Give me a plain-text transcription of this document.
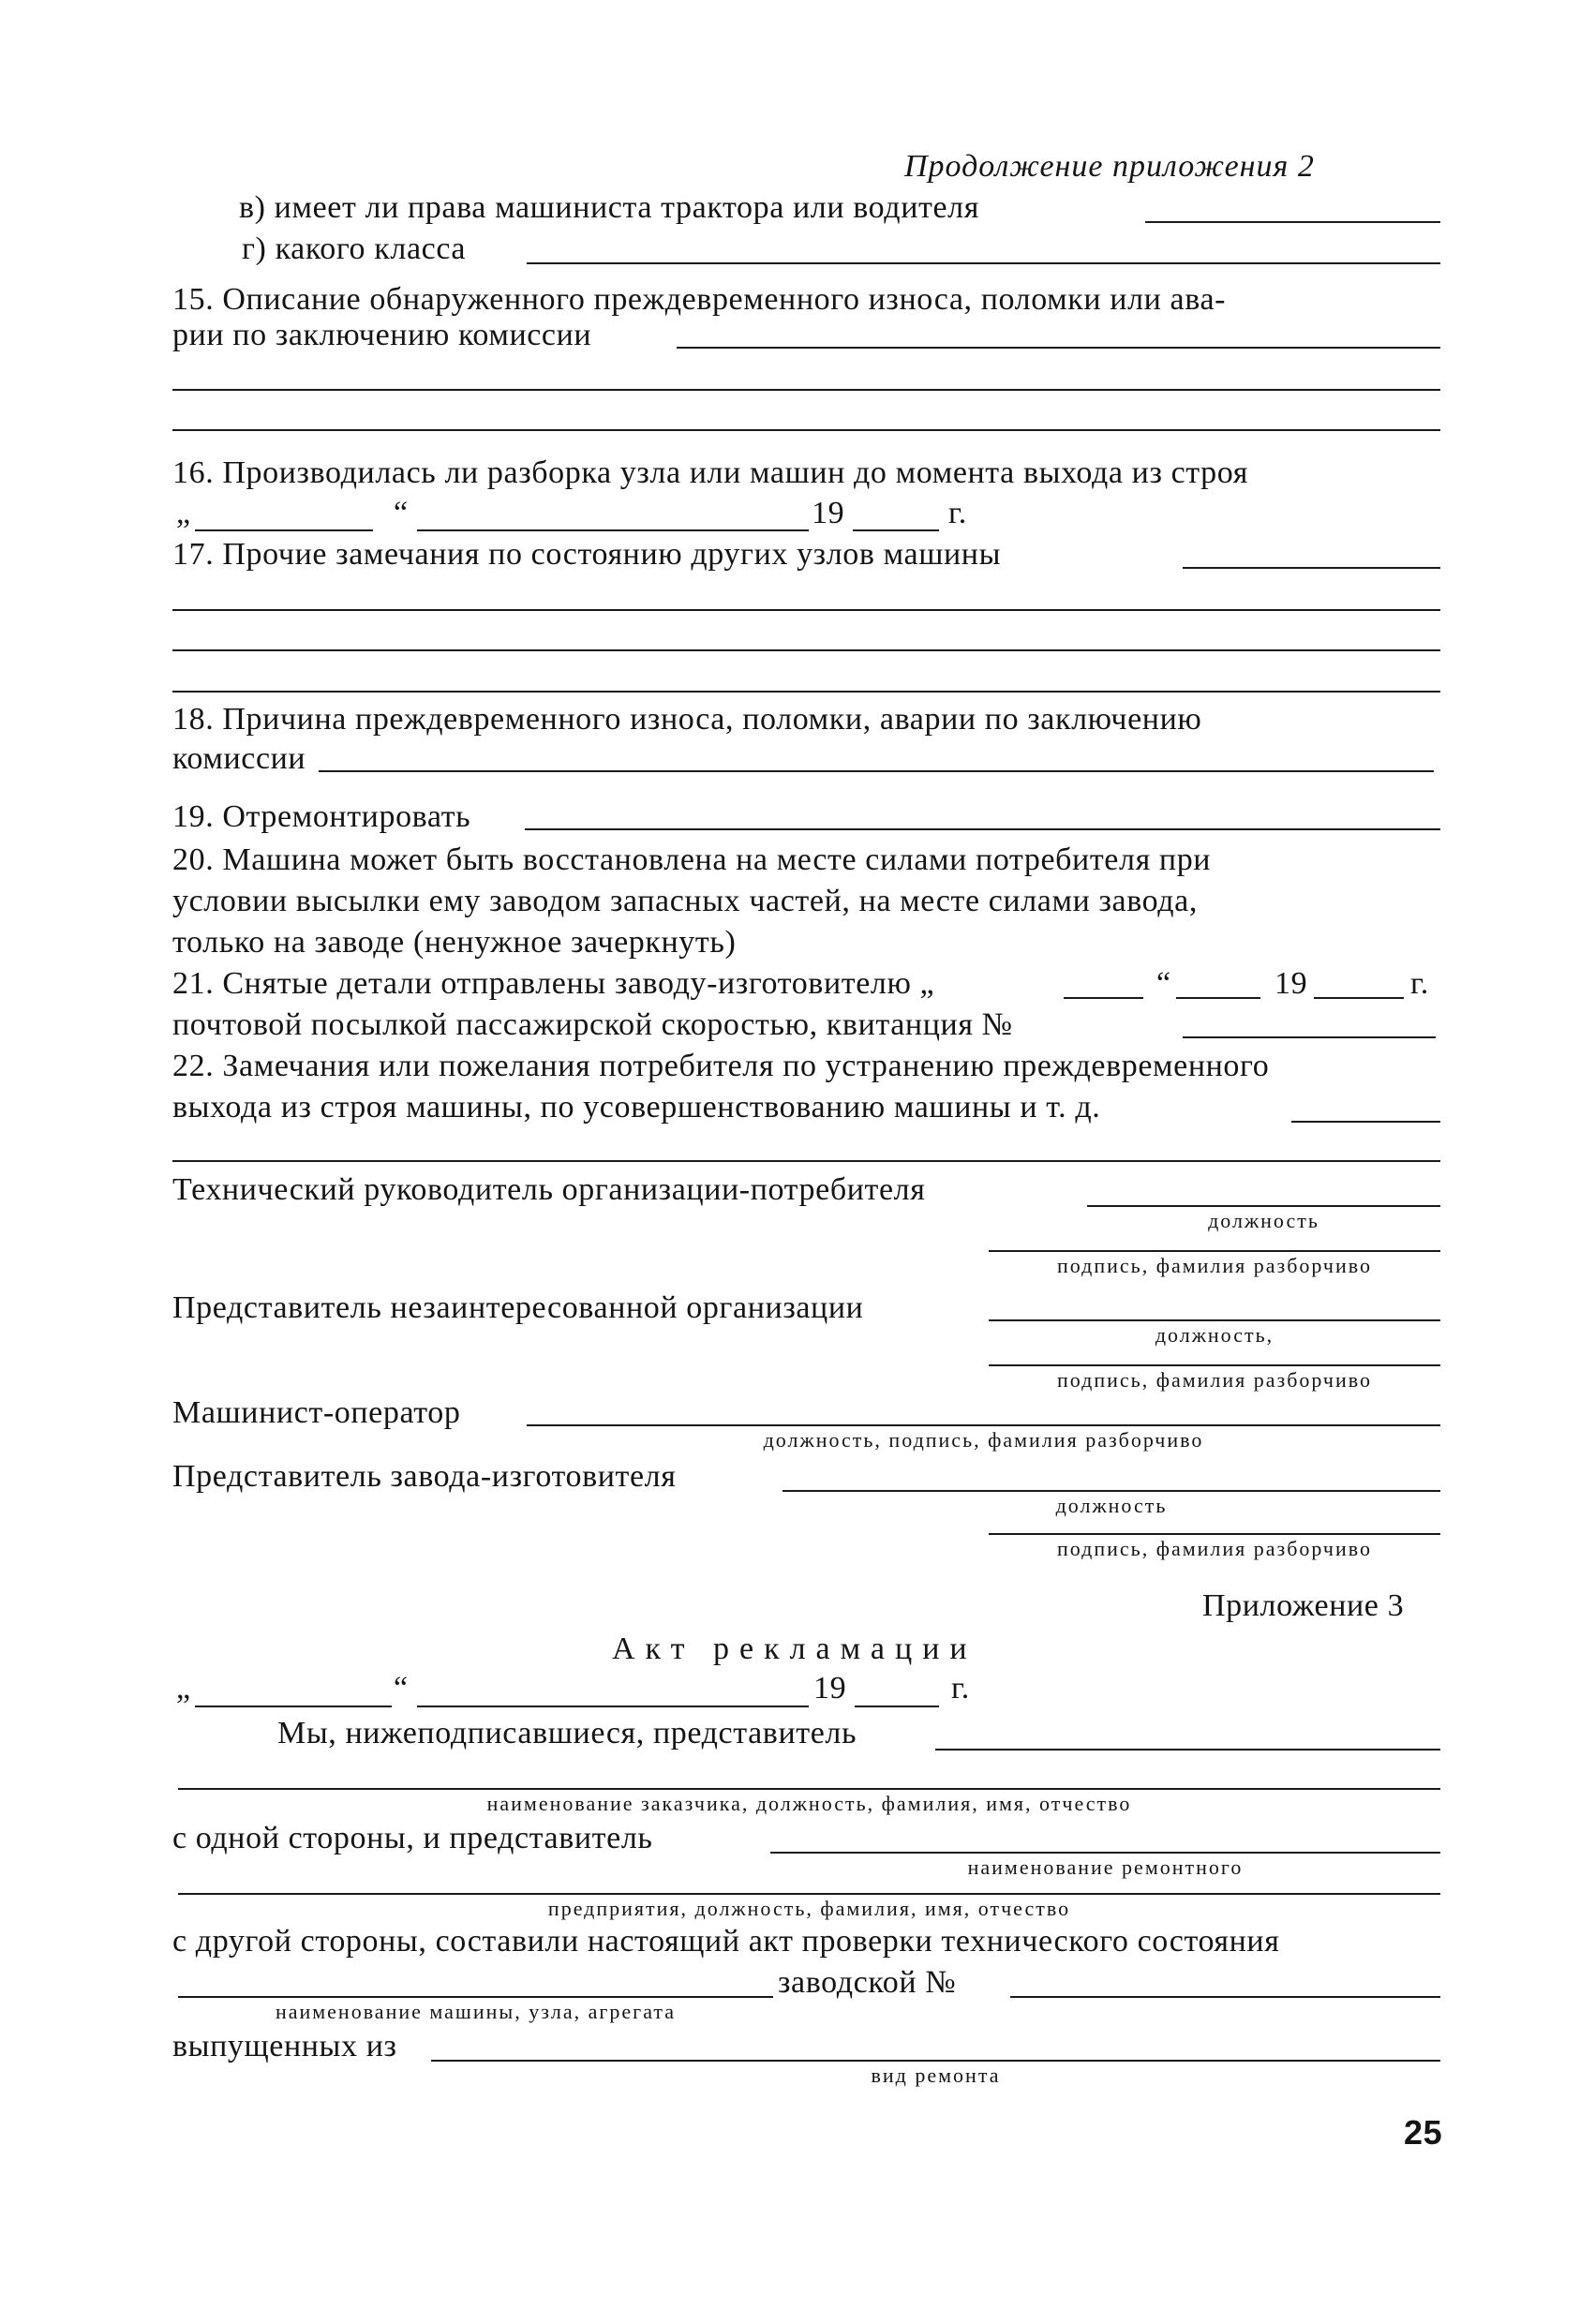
Продолжение приложения 2
в) имеет ли права машиниста трактора или водителя
г) какого класса
15. Описание обнаруженного преждевременного износа, поломки или ава-
рии по заключению комиссии
16. Производилась ли разборка узла или машин до момента выхода из строя
„	“	19	г.
17. Прочие замечания по состоянию других узлов машины
18. Причина преждевременного износа, поломки, аварии по заключению
комиссии
19. Отремонтировать
20. Машина может быть восстановлена на месте силами потребителя при
условии высылки ему заводом запасных частей, на месте силами завода,
только на заводе (ненужное зачеркнуть)
21. Снятые детали отправлены заводу-изготовителю „	“	19	г.
почтовой посылкой пассажирской скоростью, квитанция №
22. Замечания или пожелания потребителя по устранению преждевременного
выхода из строя машины, по усовершенствованию машины и т. д.
Технический руководитель организации-потребителя
должность
подпись, фамилия разборчиво
Представитель незаинтересованной организации
должность,
подпись, фамилия разборчиво
Машинист-оператор
должность, подпись, фамилия разборчиво
Представитель завода-изготовителя
должность
подпись, фамилия разборчиво
Приложение 3
Акт рекламации
„	“	19	г.
Мы, нижеподписавшиеся, представитель
наименование заказчика, должность, фамилия, имя, отчество
с одной стороны, и представитель
наименование ремонтного
предприятия, должность, фамилия, имя, отчество
с другой стороны, составили настоящий акт проверки технического состояния
наименование машины, узла, агрегата
заводской №
выпущенных из
вид ремонта
25
